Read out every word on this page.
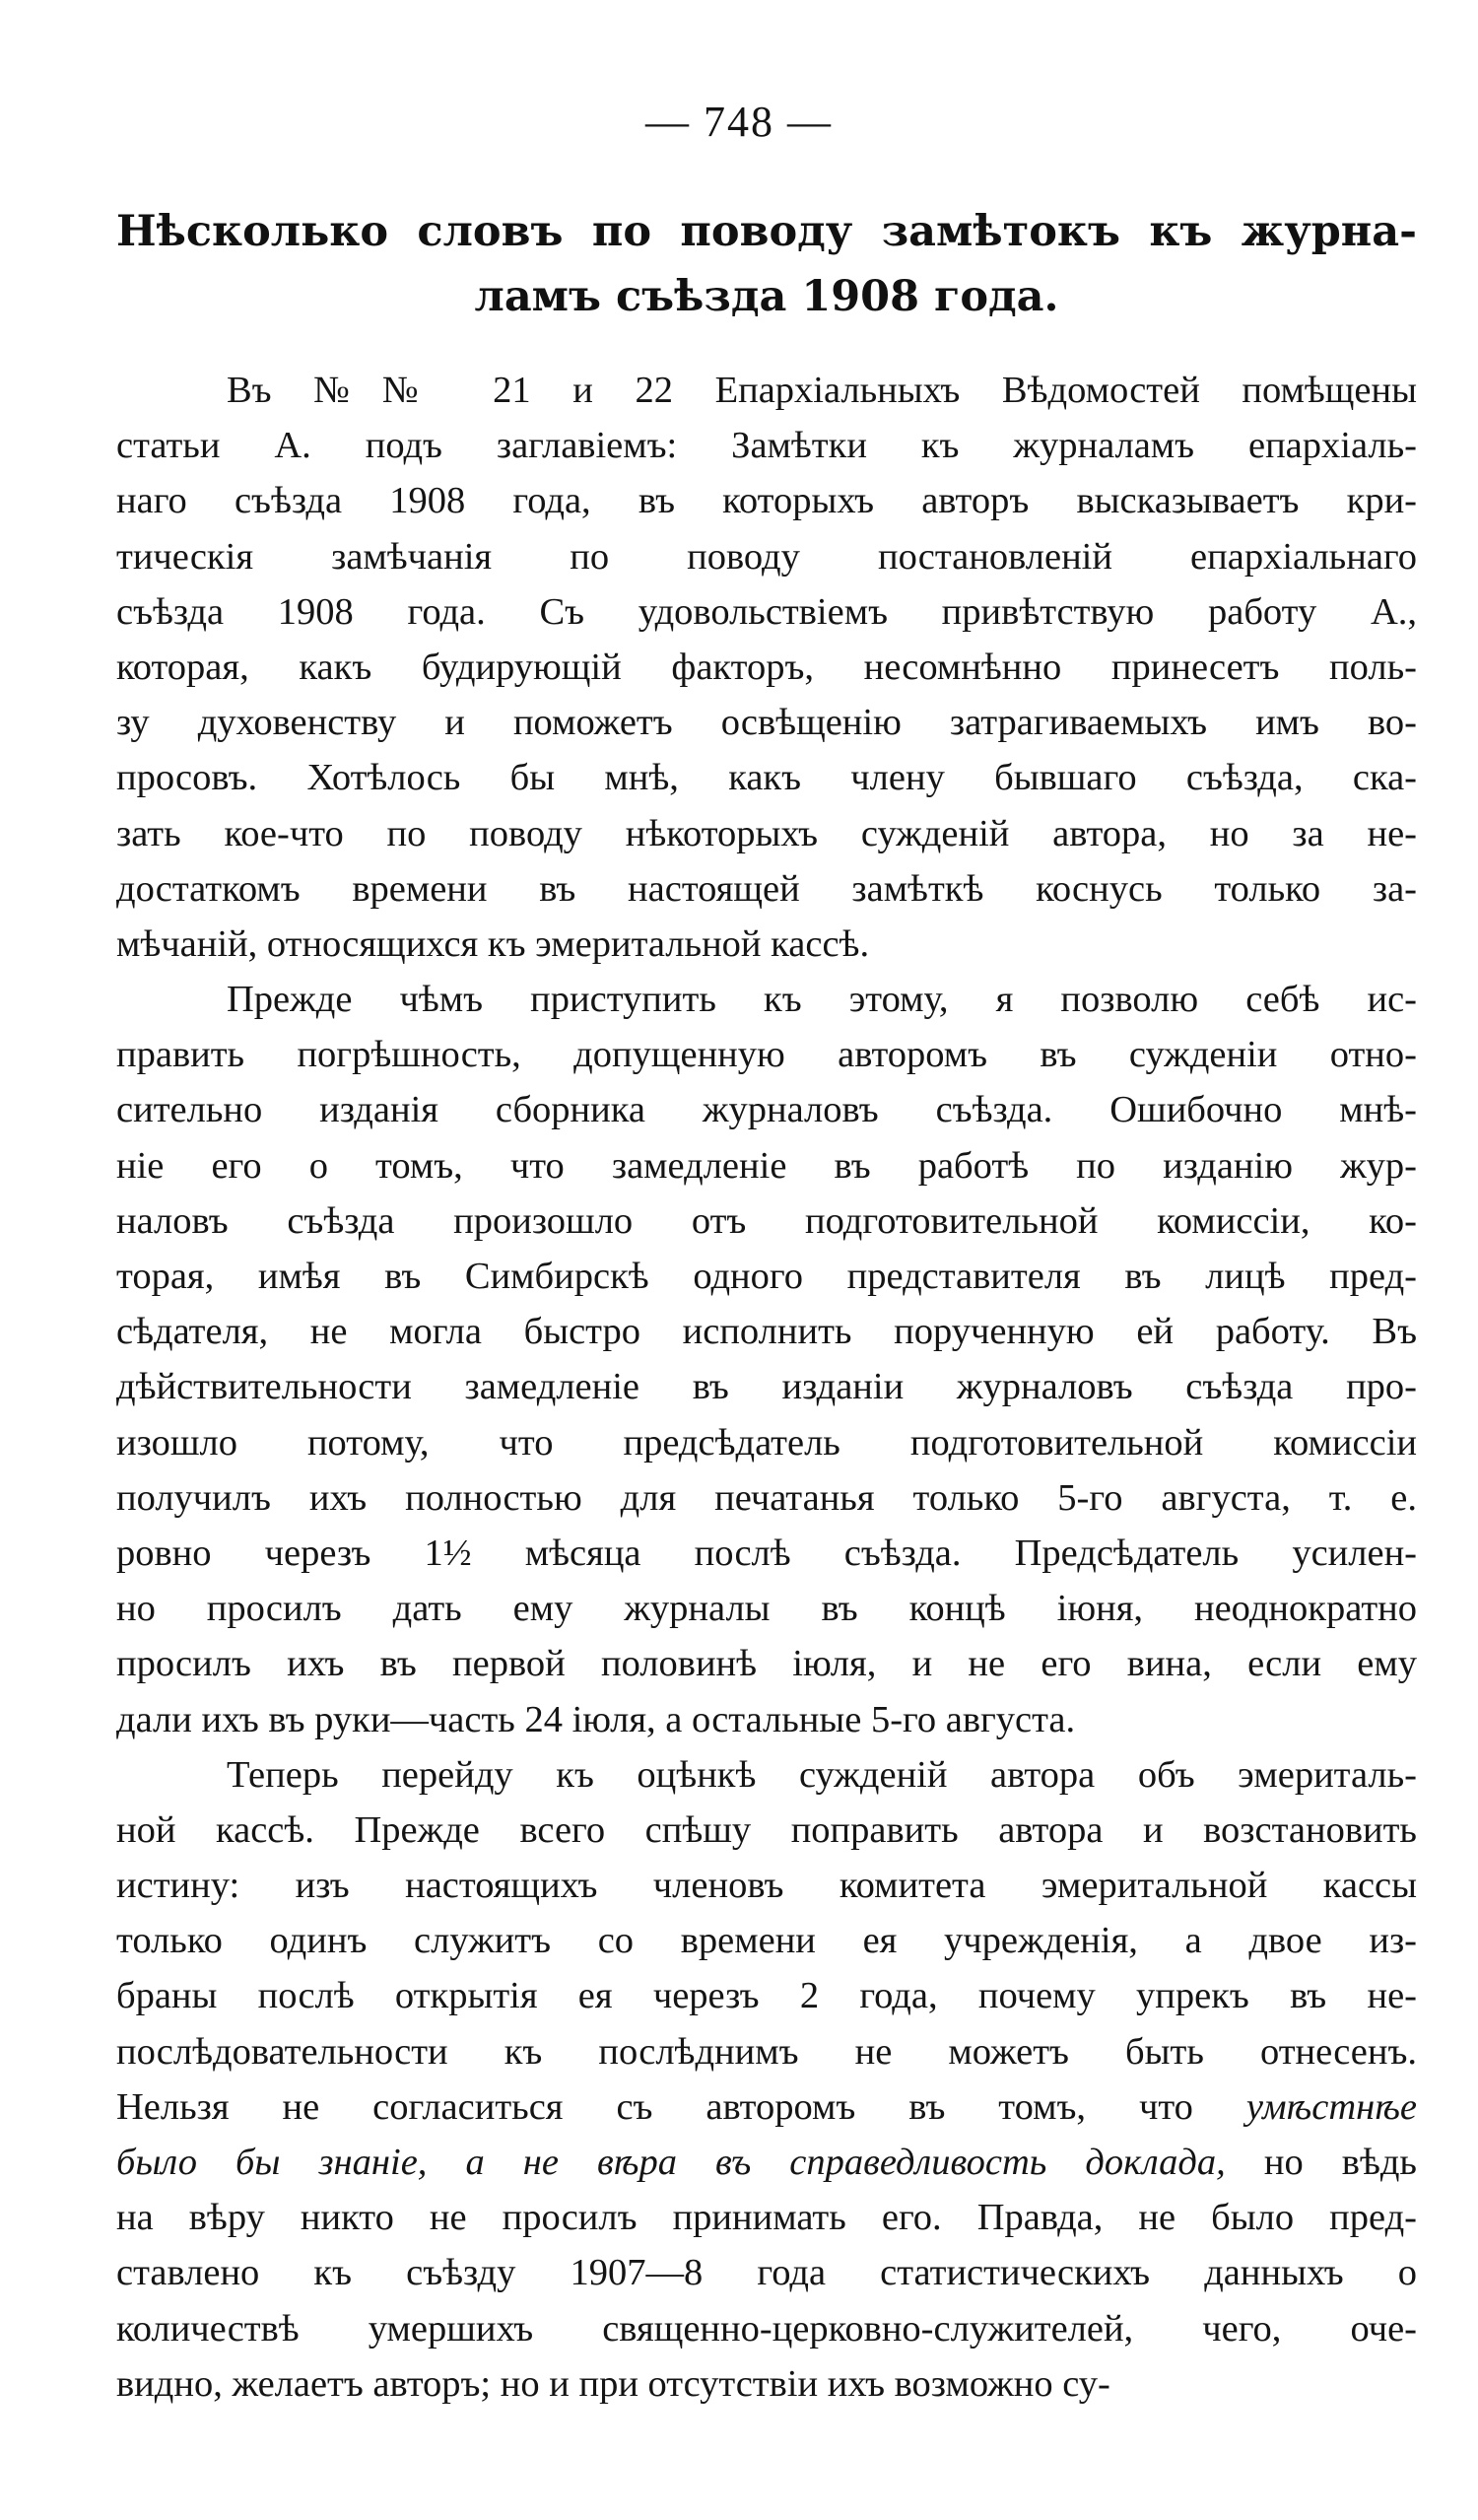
— 748 —
Нѣсколько словъ по поводу замѣтокъ къ журна-
ламъ съѣзда 1908 года.
Въ №№ 21 и 22 Епархіальныхъ Вѣдомостей помѣщены
статьи А. подъ заглавіемъ: Замѣтки къ журналамъ епархіаль-
наго съѣзда 1908 года, въ которыхъ авторъ высказываетъ кри-
тическія замѣчанія по поводу постановленій епархіальнаго
съѣзда 1908 года. Съ удовольствіемъ привѣтствую работу А.,
которая, какъ будирующій факторъ, несомнѣнно принесетъ поль-
зу духовенству и поможетъ освѣщенію затрагиваемыхъ имъ во-
просовъ. Хотѣлось бы мнѣ, какъ члену бывшаго съѣзда, ска-
зать кое-что по поводу нѣкоторыхъ сужденій автора, но за не-
достаткомъ времени въ настоящей замѣткѣ коснусь только за-
мѣчаній, относящихся къ эмеритальной кассѣ.
Прежде чѣмъ приступить къ этому, я позволю себѣ ис-
править погрѣшность, допущенную авторомъ въ сужденіи отно-
сительно изданія сборника журналовъ съѣзда. Ошибочно мнѣ-
ніе его о томъ, что замедленіе въ работѣ по изданію жур-
наловъ съѣзда произошло отъ подготовительной комиссіи, ко-
торая, имѣя въ Симбирскѣ одного представителя въ лицѣ пред-
сѣдателя, не могла быстро исполнить порученную ей работу. Въ
дѣйствительности замедленіе въ изданіи журналовъ съѣзда про-
изошло потому, что предсѣдатель подготовительной комиссіи
получилъ ихъ полностью для печатанья только 5-го августа, т. е.
ровно черезъ 1½ мѣсяца послѣ съѣзда. Предсѣдатель усилен-
но просилъ дать ему журналы въ концѣ іюня, неоднократно
просилъ ихъ въ первой половинѣ іюля, и не его вина, если ему
дали ихъ въ руки—часть 24 іюля, а остальные 5-го августа.
Теперь перейду къ оцѣнкѣ сужденій автора объ эмериталь-
ной кассѣ. Прежде всего спѣшу поправить автора и возстановить
истину: изъ настоящихъ членовъ комитета эмеритальной кассы
только одинъ служитъ со времени ея учрежденія, а двое из-
браны послѣ открытія ея черезъ 2 года, почему упрекъ въ не-
послѣдовательности къ послѣднимъ не можетъ быть отнесенъ.
Нельзя не согласиться съ авторомъ въ томъ, что умѣстнѣе
было бы знаніе, а не вѣра въ справедливость доклада, но вѣдь
на вѣру никто не просилъ принимать его. Правда, не было пред-
ставлено къ съѣзду 1907—8 года статистическихъ данныхъ о
количествѣ умершихъ священно-церковно-служителей, чего, оче-
видно, желаетъ авторъ; но и при отсутствіи ихъ возможно су-
